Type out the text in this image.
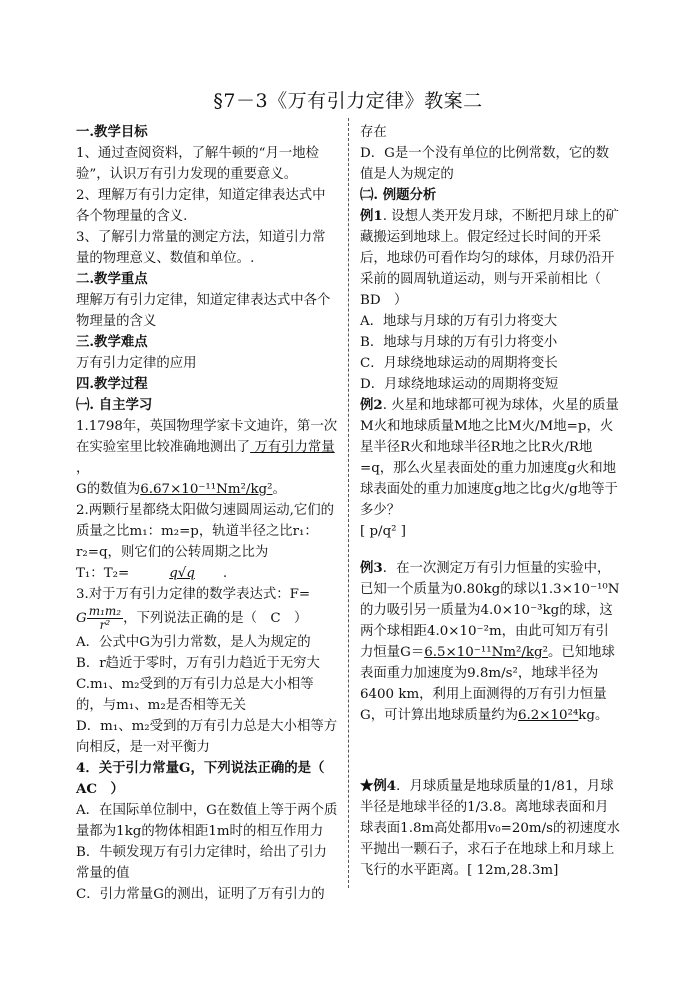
§7－3《万有引力定律》教案二
一.教学目标
1、通过查阅资料，了解牛顿的“月一地检验”，认识万有引力发现的重要意义。
2、理解万有引力定律，知道定律表达式中各个物理量的含义.
3、了解引力常量的测定方法，知道引力常量的物理意义、数值和单位。.
二.教学重点
理解万有引力定律，知道定律表达式中各个物理量的含义
三.教学难点
万有引力定律的应用
四.教学过程
㈠. 自主学习
1.1798年，英国物理学家卡文迪许，第一次在实验室里比较准确地测出了 万有引力常量 ，
G的数值为6.67×10⁻¹¹Nm²/kg²。
2.两颗行星都绕太阳做匀速圆周运动,它们的质量之比m₁：m₂=p，轨道半径之比r₁：r₂=q，则它们的公转周期之比为
T₁：T₂=	q√q .
3.对于万有引力定律的数学表达式：F=
G $\frac{\text{m₁m₂}}{\text{r²}}$ ，下列说法正确的是（　C　）
A．公式中G为引力常数，是人为规定的
B．r趋近于零时，万有引力趋近于无穷大
C.m₁、m₂受到的万有引力总是大小相等的，与m₁、m₂是否相等无关
D．m₁、m₂受到的万有引力总是大小相等方向相反，是一对平衡力
4．关于引力常量G，下列说法正确的是（　AC　）
A．在国际单位制中，G在数值上等于两个质量都为1kg的物体相距1m时的相互作用力
B．牛顿发现万有引力定律时，给出了引力常量的值
C．引力常量G的测出，证明了万有引力的
存在
D．G是一个没有单位的比例常数，它的数值是人为规定的
㈡. 例题分析
例1. 设想人类开发月球，不断把月球上的矿藏搬运到地球上。假定经过长时间的开采后，地球仍可看作均匀的球体，月球仍沿开采前的圆周轨道运动，则与开采前相比（　BD　）
A．地球与月球的万有引力将变大
B．地球与月球的万有引力将变小
C．月球绕地球运动的周期将变长
D．月球绕地球运动的周期将变短
例2. 火星和地球都可视为球体，火星的质量M火和地球质量M地之比M火/M地=p，火星半径R火和地球半径R地之比R火/R地=q，那么火星表面处的重力加速度g火和地球表面处的重力加速度g地之比g火/g地等于多少？
[ p/q² ]
例3．在一次测定万有引力恒量的实验中，已知一个质量为0.80kg的球以1.3×10⁻¹⁰N的力吸引另一质量为4.0×10⁻³kg的球，这两个球相距4.0×10⁻²m，由此可知万有引力恒量G＝6.5×10⁻¹¹Nm²/kg²。已知地球表面重力加速度为9.8m/s²，地球半径为6400 km，利用上面测得的万有引力恒量G，可计算出地球质量约为6.2×10²⁴kg。
★例4．月球质量是地球质量的1/81，月球半径是地球半径的1/3.8。离地球表面和月球表面1.8m高处都用v₀=20m/s的初速度水平抛出一颗石子，求石子在地球上和月球上飞行的水平距离。[ 12m,28.3m]
